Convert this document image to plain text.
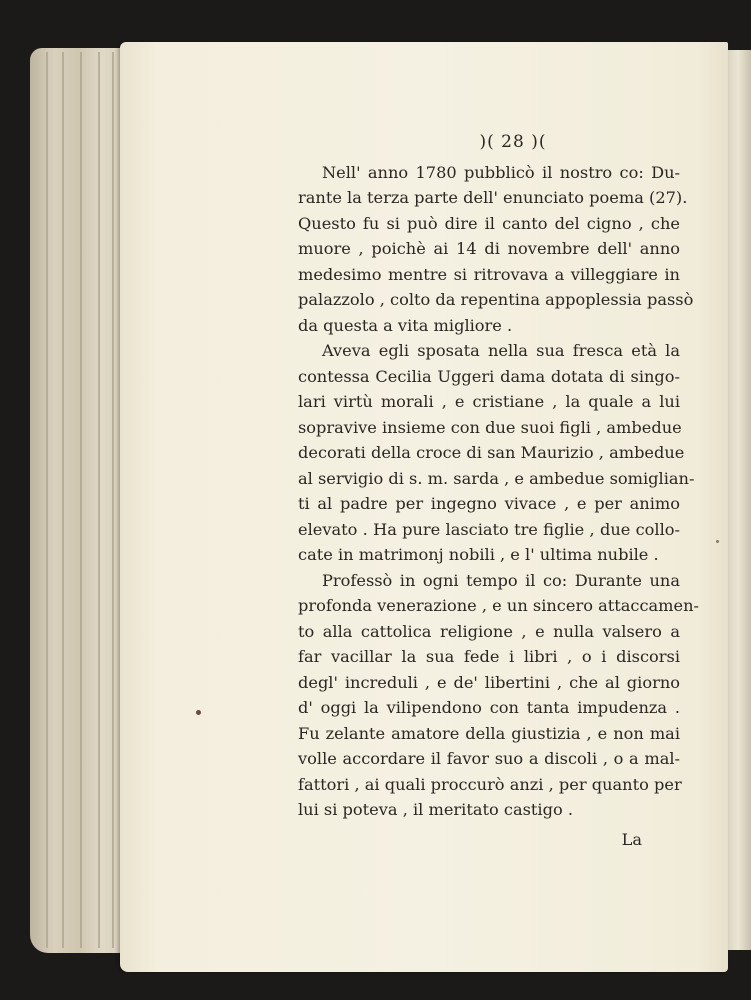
)( 28 )(
Nell' anno 1780 pubblicò il nostro co: Du-
rante la terza parte dell' enunciato poema (27).
Questo fu si può dire il canto del cigno , che
muore , poichè ai 14 di novembre dell' anno
medesimo mentre si ritrovava a villeggiare in
palazzolo , colto da repentina appoplessia passò
da questa a vita migliore .
Aveva egli sposata nella sua fresca età la
contessa Cecilia Uggeri dama dotata di singo-
lari virtù morali , e cristiane , la quale a lui
sopravive insieme con due suoi figli , ambedue
decorati della croce di san Maurizio , ambedue
al servigio di s. m. sarda , e ambedue somiglian-
ti al padre per ingegno vivace , e per animo
elevato . Ha pure lasciato tre figlie , due collo-
cate in matrimonj nobili , e l' ultima nubile .
Professò in ogni tempo il co: Durante una
profonda venerazione , e un sincero attaccamen-
to alla cattolica religione , e nulla valsero a
far vacillar la sua fede i libri , o i discorsi
degl' increduli , e de' libertini , che al giorno
d' oggi la vilipendono con tanta impudenza .
Fu zelante amatore della giustizia , e non mai
volle accordare il favor suo a discoli , o a mal-
fattori , ai quali proccurò anzi , per quanto per
lui si poteva , il meritato castigo .
La
